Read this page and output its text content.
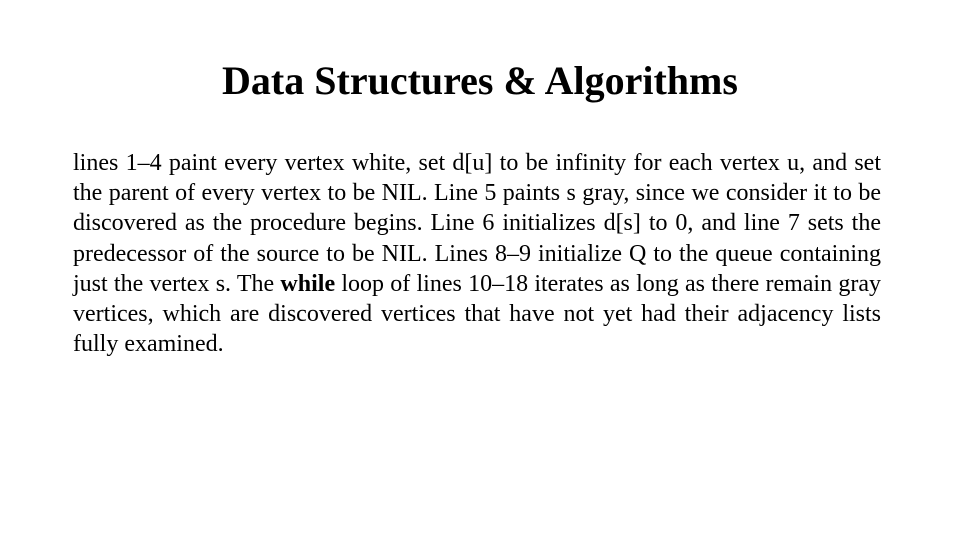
Data Structures & Algorithms

lines 1–4 paint every vertex white, set d[u] to be infinity for each vertex u, and set the parent of every vertex to be NIL. Line 5 paints s gray, since we consider it to be discovered as the procedure begins. Line 6 initializes d[s] to 0, and line 7 sets the predecessor of the source to be NIL. Lines 8–9 initialize Q to the queue containing just the vertex s. The while loop of lines 10–18 iterates as long as there remain gray vertices, which are discovered vertices that have not yet had their adjacency lists fully examined.
